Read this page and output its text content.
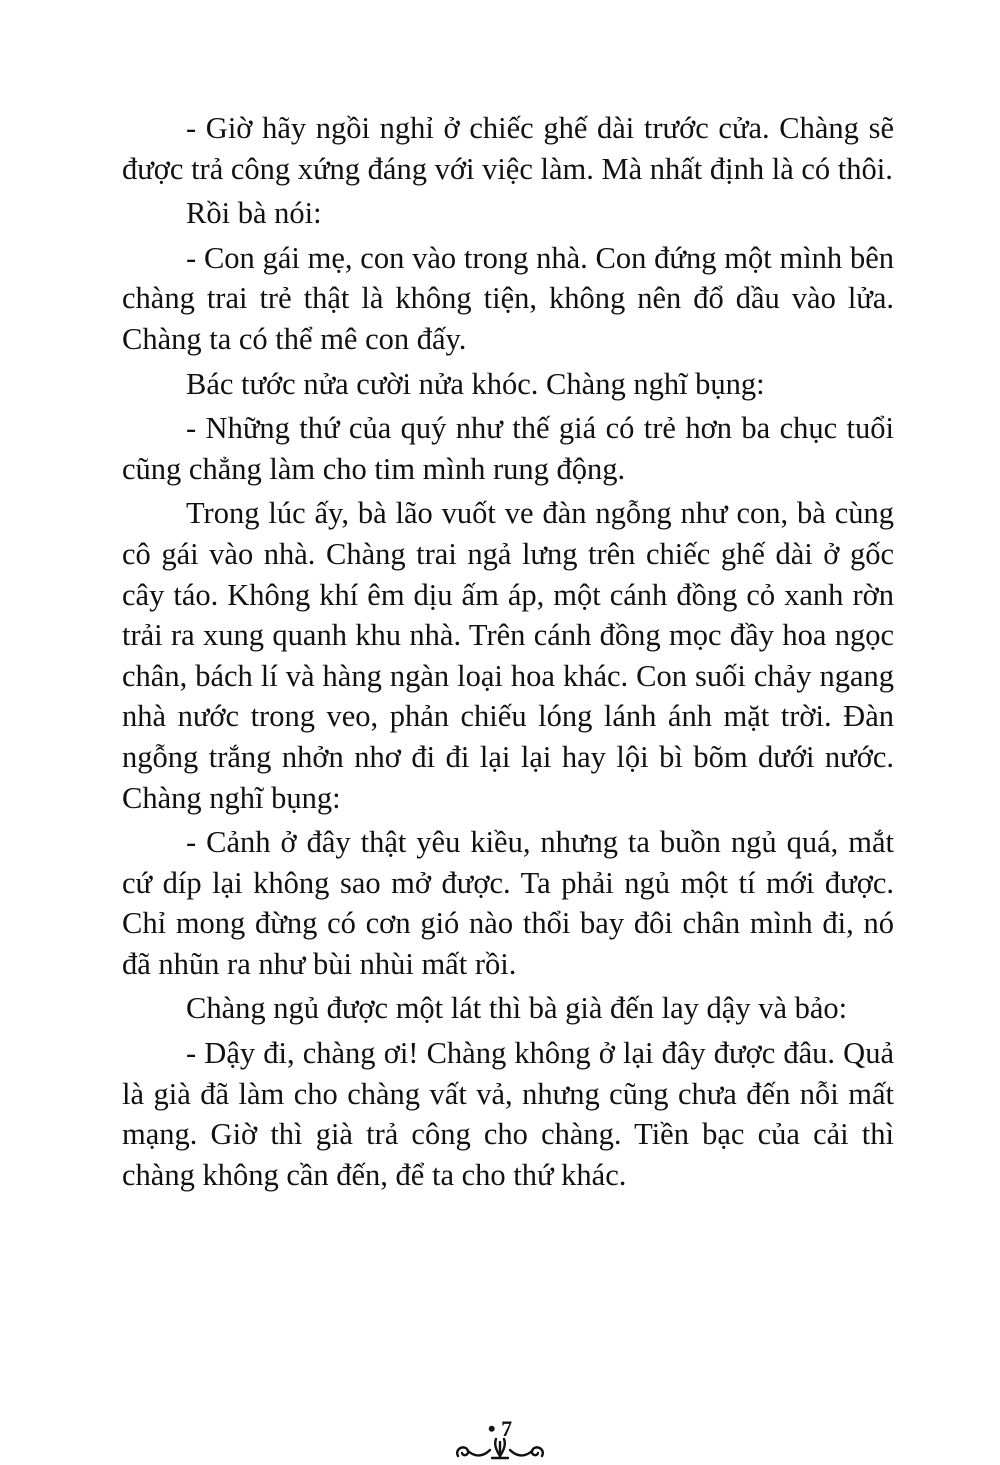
- Giờ hãy ngồi nghỉ ở chiếc ghế dài trước cửa. Chàng sẽ được trả công xứng đáng với việc làm. Mà nhất định là có thôi.

Rồi bà nói:

- Con gái mẹ, con vào trong nhà. Con đứng một mình bên chàng trai trẻ thật là không tiện, không nên đổ dầu vào lửa. Chàng ta có thể mê con đấy.

Bác tước nửa cười nửa khóc. Chàng nghĩ bụng:

- Những thứ của quý như thế giá có trẻ hơn ba chục tuổi cũng chẳng làm cho tim mình rung động.

Trong lúc ấy, bà lão vuốt ve đàn ngỗng như con, bà cùng cô gái vào nhà. Chàng trai ngả lưng trên chiếc ghế dài ở gốc cây táo. Không khí êm dịu ấm áp, một cánh đồng cỏ xanh rờn trải ra xung quanh khu nhà. Trên cánh đồng mọc đầy hoa ngọc chân, bách lí và hàng ngàn loại hoa khác. Con suối chảy ngang nhà nước trong veo, phản chiếu lóng lánh ánh mặt trời. Đàn ngỗng trắng nhởn nhơ đi đi lại lại hay lội bì bõm dưới nước. Chàng nghĩ bụng:

- Cảnh ở đây thật yêu kiều, nhưng ta buồn ngủ quá, mắt cứ díp lại không sao mở được. Ta phải ngủ một tí mới được. Chỉ mong đừng có cơn gió nào thổi bay đôi chân mình đi, nó đã nhũn ra như bùi nhùi mất rồi.

Chàng ngủ được một lát thì bà già đến lay dậy và bảo:

- Dậy đi, chàng ơi! Chàng không ở lại đây được đâu. Quả là già đã làm cho chàng vất vả, nhưng cũng chưa đến nỗi mất mạng. Giờ thì già trả công cho chàng. Tiền bạc của cải thì chàng không cần đến, để ta cho thứ khác.

• 7
